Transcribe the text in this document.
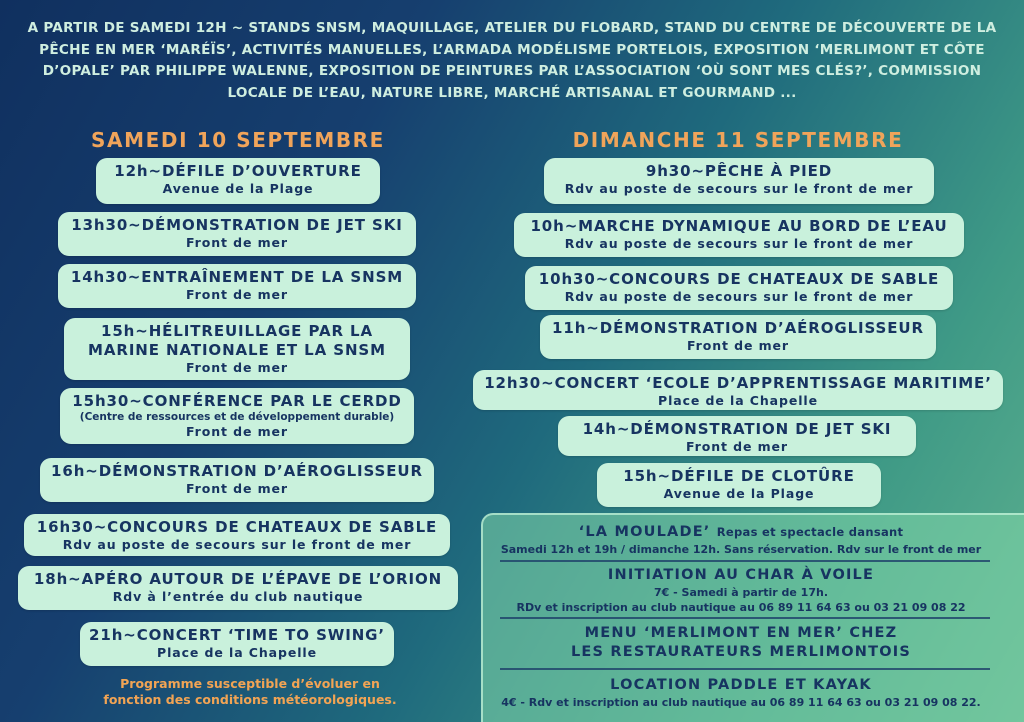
A PARTIR DE SAMEDI 12H ~ STANDS SNSM, MAQUILLAGE, ATELIER DU FLOBARD, STAND DU CENTRE DE DÉCOUVERTE DE LA PÊCHE EN MER ‘MARÉÏS’, ACTIVITÉS MANUELLES, L’ARMADA MODÉLISME PORTELOIS, EXPOSITION ‘MERLIMONT ET CÔTE D’OPALE’ PAR PHILIPPE WALENNE, EXPOSITION DE PEINTURES PAR L’ASSOCIATION ‘OÙ SONT MES CLÉS?’, COMMISSION LOCALE DE L’EAU, NATURE LIBRE, MARCHÉ ARTISANAL ET GOURMAND ...
SAMEDI 10 SEPTEMBRE
12h~DÉFILE D’OUVERTURE
Avenue de la Plage
13h30~DÉMONSTRATION DE JET SKI
Front de mer
14h30~ENTRAÎNEMENT DE LA SNSM
Front de mer
15h~HÉLITREUILLAGE PAR LA
MARINE NATIONALE ET LA SNSM
Front de mer
15h30~CONFÉRENCE PAR LE CERDD
(Centre de ressources et de développement durable)
Front de mer
16h~DÉMONSTRATION D’AÉROGLISSEUR
Front de mer
16h30~CONCOURS DE CHATEAUX DE SABLE
Rdv au poste de secours sur le front de mer
18h~APÉRO AUTOUR DE L’ÉPAVE DE L’ORION
Rdv à l’entrée du club nautique
21h~CONCERT ‘TIME TO SWING’
Place de la Chapelle
Programme susceptible d’évoluer en
fonction des conditions météorologiques.
DIMANCHE 11 SEPTEMBRE
9h30~PÊCHE À PIED
Rdv au poste de secours sur le front de mer
10h~MARCHE DYNAMIQUE AU BORD DE L’EAU
Rdv au poste de secours sur le front de mer
10h30~CONCOURS DE CHATEAUX DE SABLE
Rdv au poste de secours sur le front de mer
11h~DÉMONSTRATION D’AÉROGLISSEUR
Front de mer
12h30~CONCERT ‘ECOLE D’APPRENTISSAGE MARITIME’
Place de la Chapelle
14h~DÉMONSTRATION DE JET SKI
Front de mer
15h~DÉFILE DE CLOTÛRE
Avenue de la Plage
‘LA MOULADE’ Repas et spectacle dansant
Samedi 12h et 19h / dimanche 12h. Sans réservation. Rdv sur le front de mer
INITIATION AU CHAR À VOILE
7€ - Samedi à partir de 17h.
RDv et inscription au club nautique au 06 89 11 64 63 ou 03 21 09 08 22
MENU ‘MERLIMONT EN MER’ CHEZ
LES RESTAURATEURS MERLIMONTOIS
LOCATION PADDLE ET KAYAK
4€ - Rdv et inscription au club nautique au 06 89 11 64 63 ou 03 21 09 08 22.
